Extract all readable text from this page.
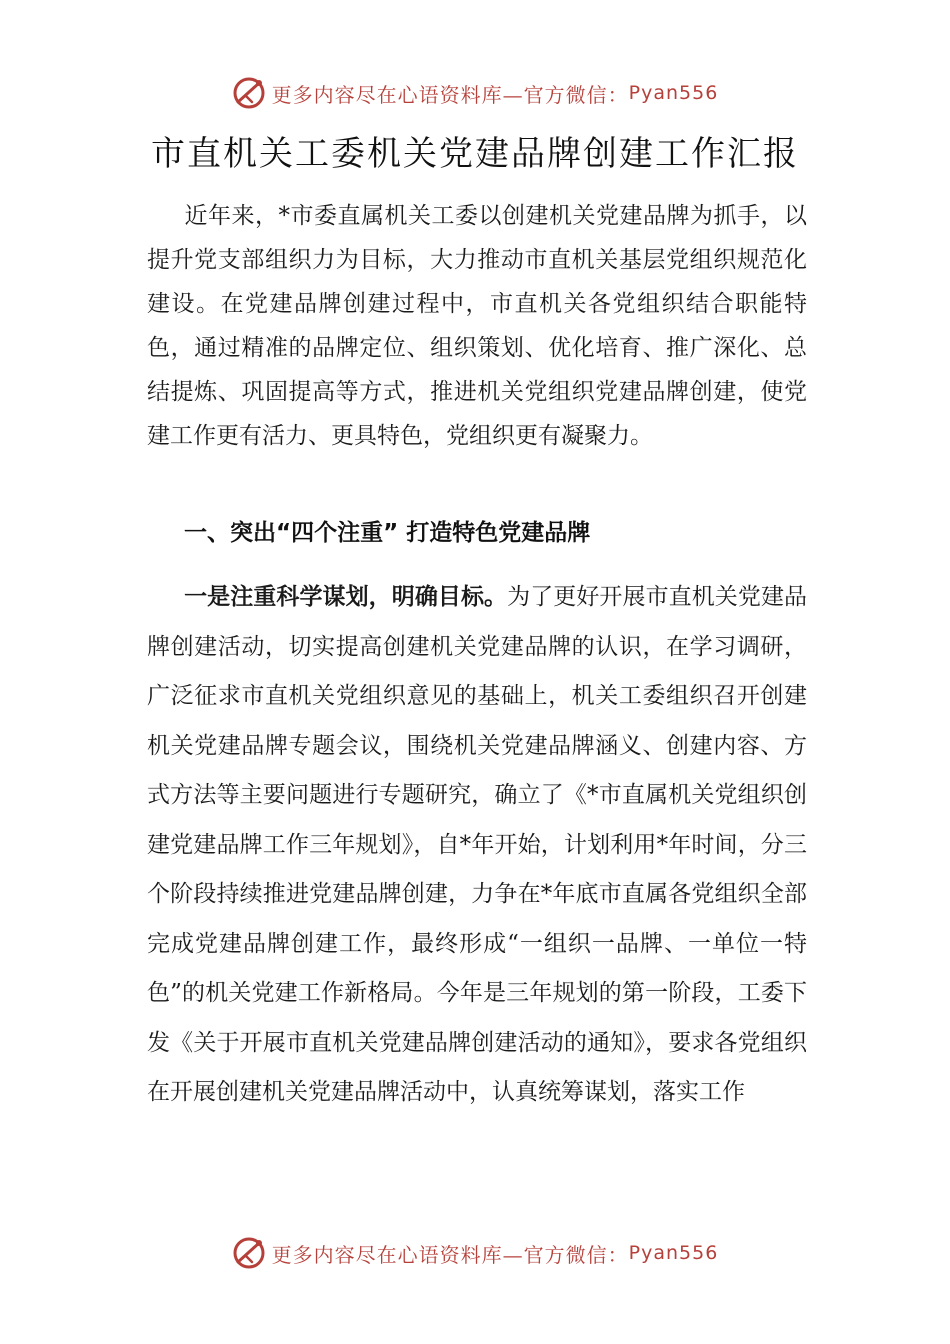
更多内容尽在心语资料库—官方微信： Pyan556
市直机关工委机关党建品牌创建工作汇报

近年来，*市委直属机关工委以创建机关党建品牌为抓手，以提升党支部组织力为目标，大力推动市直机关基层党组织规范化建设。在党建品牌创建过程中，市直机关各党组织结合职能特色，通过精准的品牌定位、组织策划、优化培育、推广深化、总结提炼、巩固提高等方式，推进机关党组织党建品牌创建，使党建工作更有活力、更具特色，党组织更有凝聚力。

一、突出“四个注重” 打造特色党建品牌

一是注重科学谋划，明确目标。为了更好开展市直机关党建品牌创建活动，切实提高创建机关党建品牌的认识，在学习调研，广泛征求市直机关党组织意见的基础上，机关工委组织召开创建机关党建品牌专题会议，围绕机关党建品牌涵义、创建内容、方式方法等主要问题进行专题研究，确立了《*市直属机关党组织创建党建品牌工作三年规划》，自*年开始，计划利用*年时间，分三个阶段持续推进党建品牌创建，力争在*年底市直属各党组织全部完成党建品牌创建工作，最终形成“一组织一品牌、一单位一特色”的机关党建工作新格局。今年是三年规划的第一阶段，工委下发《关于开展市直机关党建品牌创建活动的通知》，要求各党组织在开展创建机关党建品牌活动中，认真统筹谋划，落实工作

更多内容尽在心语资料库—官方微信： Pyan556
